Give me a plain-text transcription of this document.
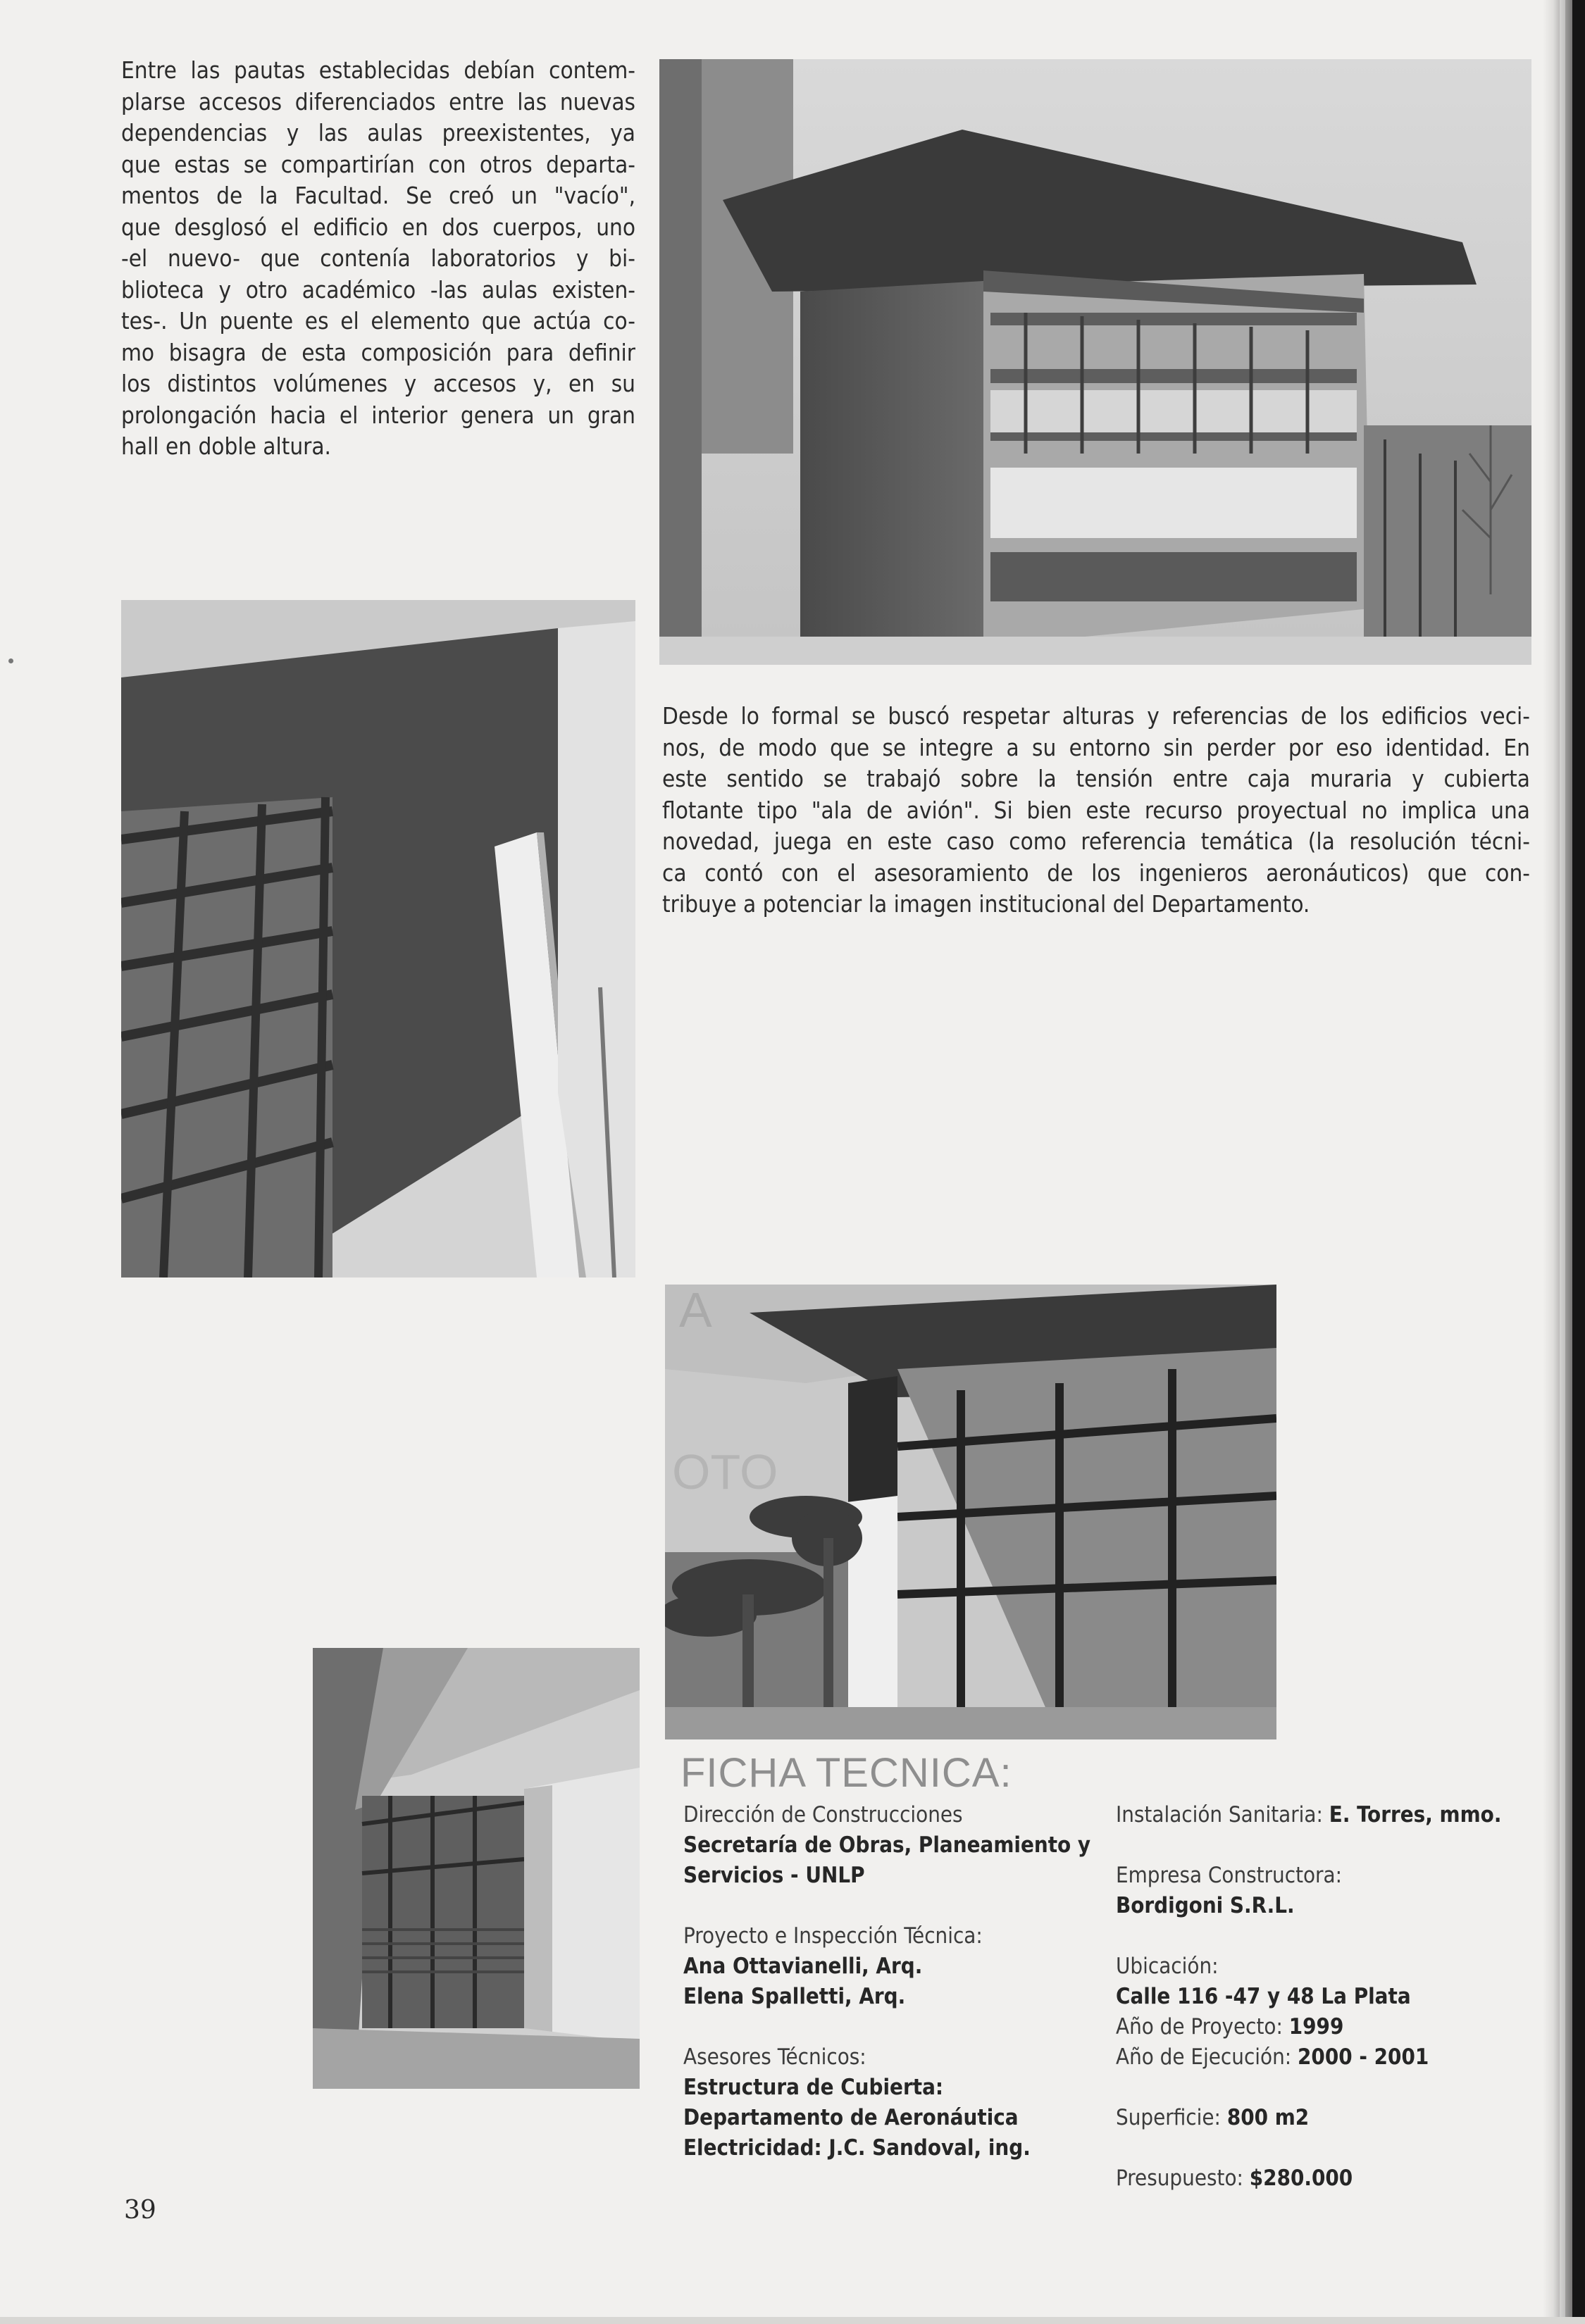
Entre las pautas establecidas debían contem-
plarse accesos diferenciados entre las nuevas
dependencias y las aulas preexistentes, ya
que estas se compartirían con otros departa-
mentos de la Facultad. Se creó un "vacío",
que desglosó el edificio en dos cuerpos, uno
-el nuevo- que contenía laboratorios y bi-
blioteca y otro académico -las aulas existen-
tes-. Un puente es el elemento que actúa co-
mo bisagra de esta composición para definir
los distintos volúmenes y accesos y, en su
prolongación hacia el interior genera un gran
hall en doble altura.
A
OTO
Desde lo formal se buscó respetar alturas y referencias de los edificios veci-
nos, de modo que se integre a su entorno sin perder por eso identidad. En
este sentido se trabajó sobre la tensión entre caja muraria y cubierta
flotante tipo "ala de avión". Si bien este recurso proyectual no implica una
novedad, juega en este caso como referencia temática (la resolución técni-
ca contó con el asesoramiento de los ingenieros aeronáuticos) que con-
tribuye a potenciar la imagen institucional del Departamento.
FICHA TECNICA:
Dirección de Construcciones
Secretaría de Obras, Planeamiento y
Servicios - UNLP
Proyecto e Inspección Técnica:
Ana Ottavianelli, Arq.
Elena Spalletti, Arq.
Asesores Técnicos:
Estructura de Cubierta:
Departamento de Aeronáutica
Electricidad: J.C. Sandoval, ing.
Instalación Sanitaria: E. Torres, mmo.
Empresa Constructora:
Bordigoni S.R.L.
Ubicación:
Calle 116 -47 y 48 La Plata
Año de Proyecto: 1999
Año de Ejecución: 2000 - 2001
Superficie: 800 m2
Presupuesto: $280.000
39
